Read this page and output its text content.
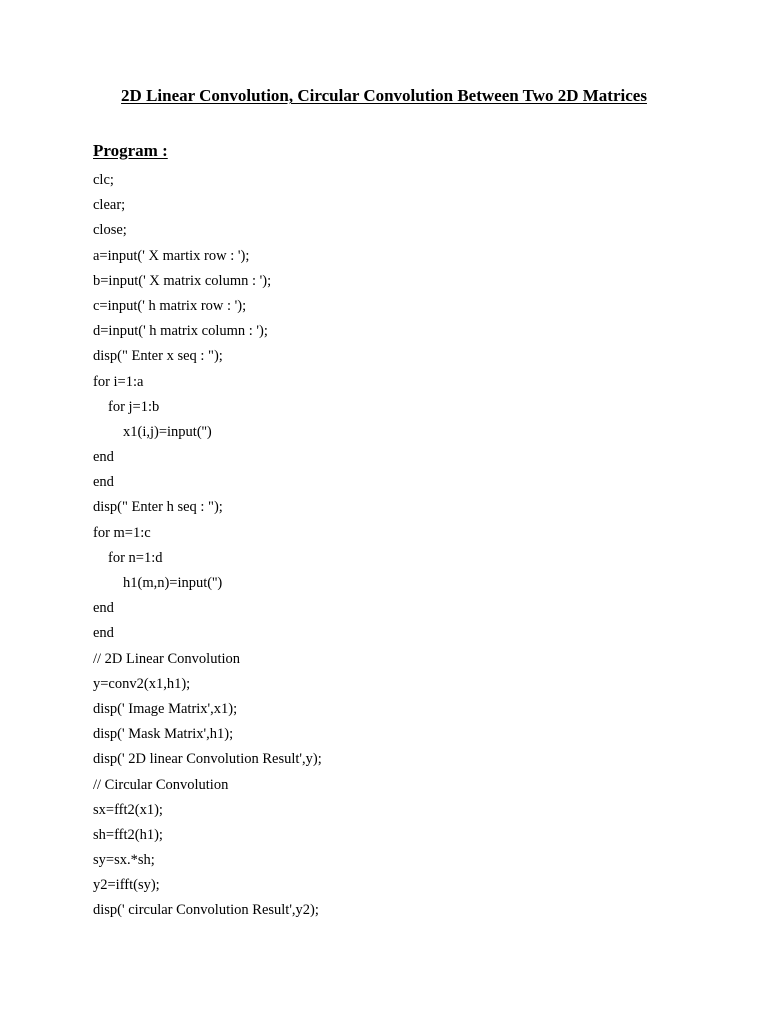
2D Linear Convolution, Circular Convolution Between Two 2D Matrices
Program :
clc;
clear;
close;
a=input(' X martix row : ');
b=input(' X matrix column : ');
c=input(' h matrix row : ');
d=input(' h matrix column : ');
disp(" Enter x seq : ");
for i=1:a
for j=1:b
x1(i,j)=input('')
end
end
disp(" Enter h seq : ");
for m=1:c
for n=1:d
h1(m,n)=input('')
end
end
// 2D Linear Convolution
y=conv2(x1,h1);
disp(' Image Matrix',x1);
disp(' Mask Matrix',h1);
disp(' 2D linear Convolution Result',y);
// Circular Convolution
sx=fft2(x1);
sh=fft2(h1);
sy=sx.*sh;
y2=ifft(sy);
disp(' circular Convolution Result',y2);
